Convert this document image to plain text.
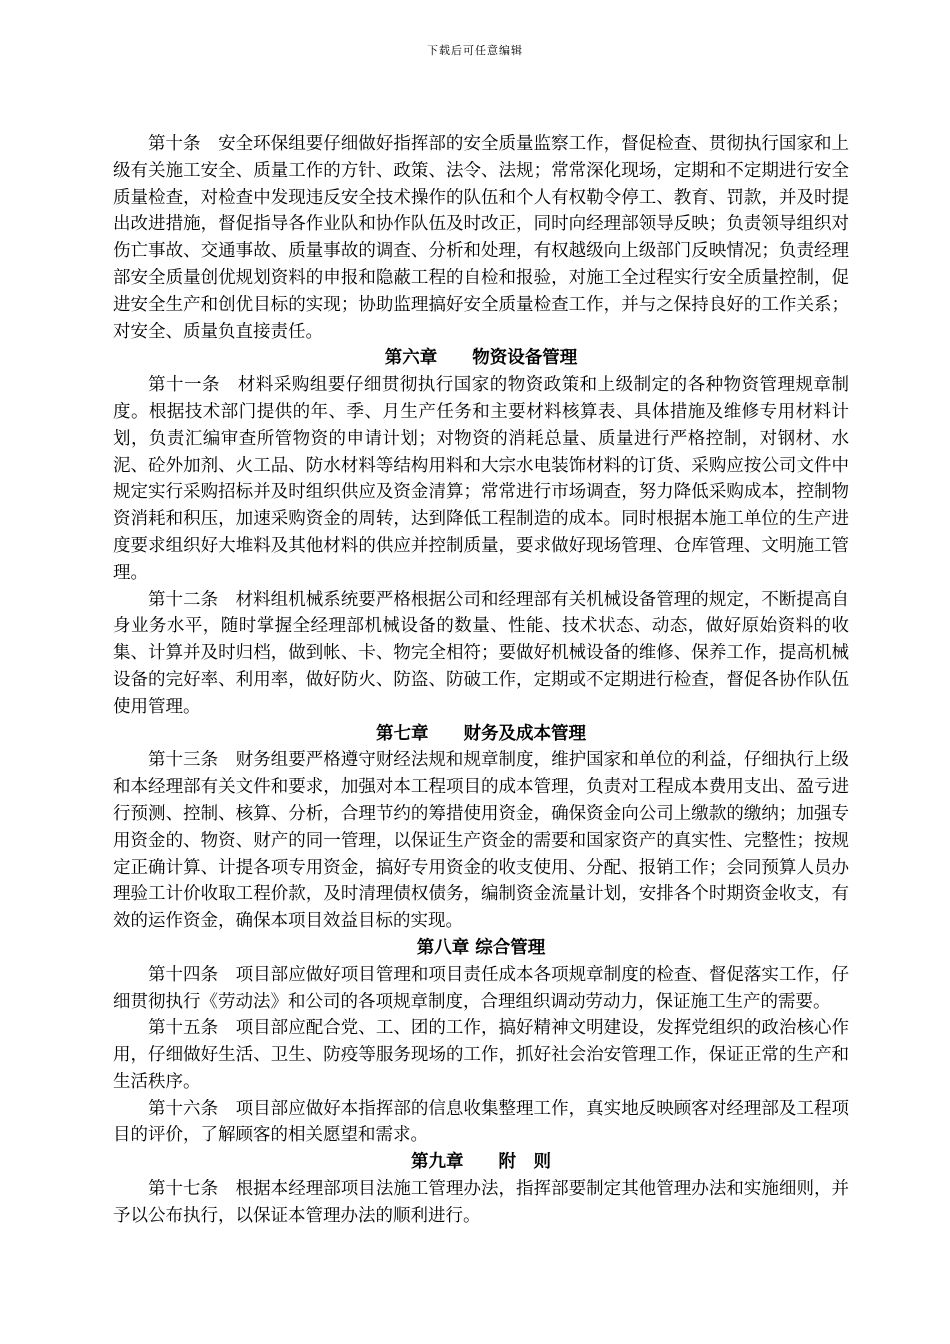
下载后可任意编辑

第十条　安全环保组要仔细做好指挥部的安全质量监察工作，督促检查、贯彻执行国家和上级有关施工安全、质量工作的方针、政策、法令、法规；常常深化现场，定期和不定期进行安全质量检查，对检查中发现违反安全技术操作的队伍和个人有权勒令停工、教育、罚款，并及时提出改进措施，督促指导各作业队和协作队伍及时改正，同时向经理部领导反映；负责领导组织对伤亡事故、交通事故、质量事故的调查、分析和处理，有权越级向上级部门反映情况；负责经理部安全质量创优规划资料的申报和隐蔽工程的自检和报验，对施工全过程实行安全质量控制，促进安全生产和创优目标的实现；协助监理搞好安全质量检查工作，并与之保持良好的工作关系；对安全、质量负直接责任。

第六章　　物资设备管理

第十一条　材料采购组要仔细贯彻执行国家的物资政策和上级制定的各种物资管理规章制度。根据技术部门提供的年、季、月生产任务和主要材料核算表、具体措施及维修专用材料计划，负责汇编审查所管物资的申请计划；对物资的消耗总量、质量进行严格控制，对钢材、水泥、砼外加剂、火工品、防水材料等结构用料和大宗水电装饰材料的订货、采购应按公司文件中规定实行采购招标并及时组织供应及资金清算；常常进行市场调查，努力降低采购成本，控制物资消耗和积压，加速采购资金的周转，达到降低工程制造的成本。同时根据本施工单位的生产进度要求组织好大堆料及其他材料的供应并控制质量，要求做好现场管理、仓库管理、文明施工管理。

第十二条　材料组机械系统要严格根据公司和经理部有关机械设备管理的规定，不断提高自身业务水平，随时掌握全经理部机械设备的数量、性能、技术状态、动态，做好原始资料的收集、计算并及时归档，做到帐、卡、物完全相符；要做好机械设备的维修、保养工作，提高机械设备的完好率、利用率，做好防火、防盗、防破工作，定期或不定期进行检查，督促各协作队伍使用管理。

第七章　　财务及成本管理

第十三条　财务组要严格遵守财经法规和规章制度，维护国家和单位的利益，仔细执行上级和本经理部有关文件和要求，加强对本工程项目的成本管理，负责对工程成本费用支出、盈亏进行预测、控制、核算、分析，合理节约的筹措使用资金，确保资金向公司上缴款的缴纳；加强专用资金的、物资、财产的同一管理，以保证生产资金的需要和国家资产的真实性、完整性；按规定正确计算、计提各项专用资金，搞好专用资金的收支使用、分配、报销工作；会同预算人员办理验工计价收取工程价款，及时清理债权债务，编制资金流量计划，安排各个时期资金收支，有效的运作资金，确保本项目效益目标的实现。

第八章 综合管理

第十四条　项目部应做好项目管理和项目责任成本各项规章制度的检查、督促落实工作，仔细贯彻执行《劳动法》和公司的各项规章制度，合理组织调动劳动力，保证施工生产的需要。

第十五条　项目部应配合党、工、团的工作，搞好精神文明建设，发挥党组织的政治核心作用，仔细做好生活、卫生、防疫等服务现场的工作，抓好社会治安管理工作，保证正常的生产和生活秩序。

第十六条　项目部应做好本指挥部的信息收集整理工作，真实地反映顾客对经理部及工程项目的评价，了解顾客的相关愿望和需求。

第九章　　附　则

第十七条　根据本经理部项目法施工管理办法，指挥部要制定其他管理办法和实施细则，并予以公布执行，以保证本管理办法的顺利进行。
